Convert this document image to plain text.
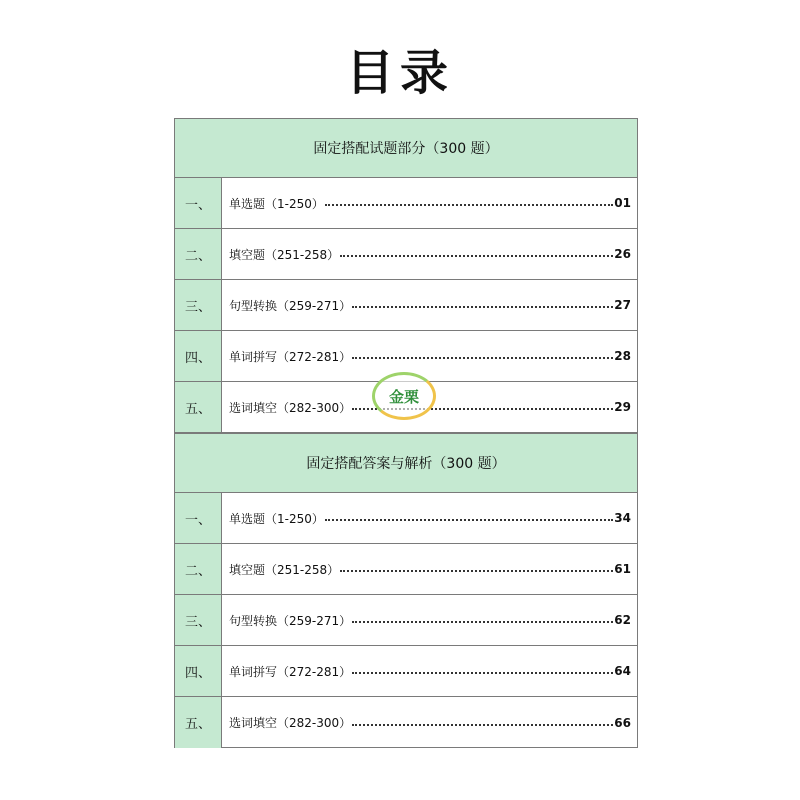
目录
固定搭配试题部分（300 题）
一、	单选题（1-250）	01
二、	填空题（251-258）	26
三、	句型转换（259-271）	27
四、	单词拼写（272-281）	28
五、	选词填空（282-300）	29
固定搭配答案与解析（300 题）
一、	单选题（1-250）	34
二、	填空题（251-258）	61
三、	句型转换（259-271）	62
四、	单词拼写（272-281）	64
五、	选词填空（282-300）	66
金栗
